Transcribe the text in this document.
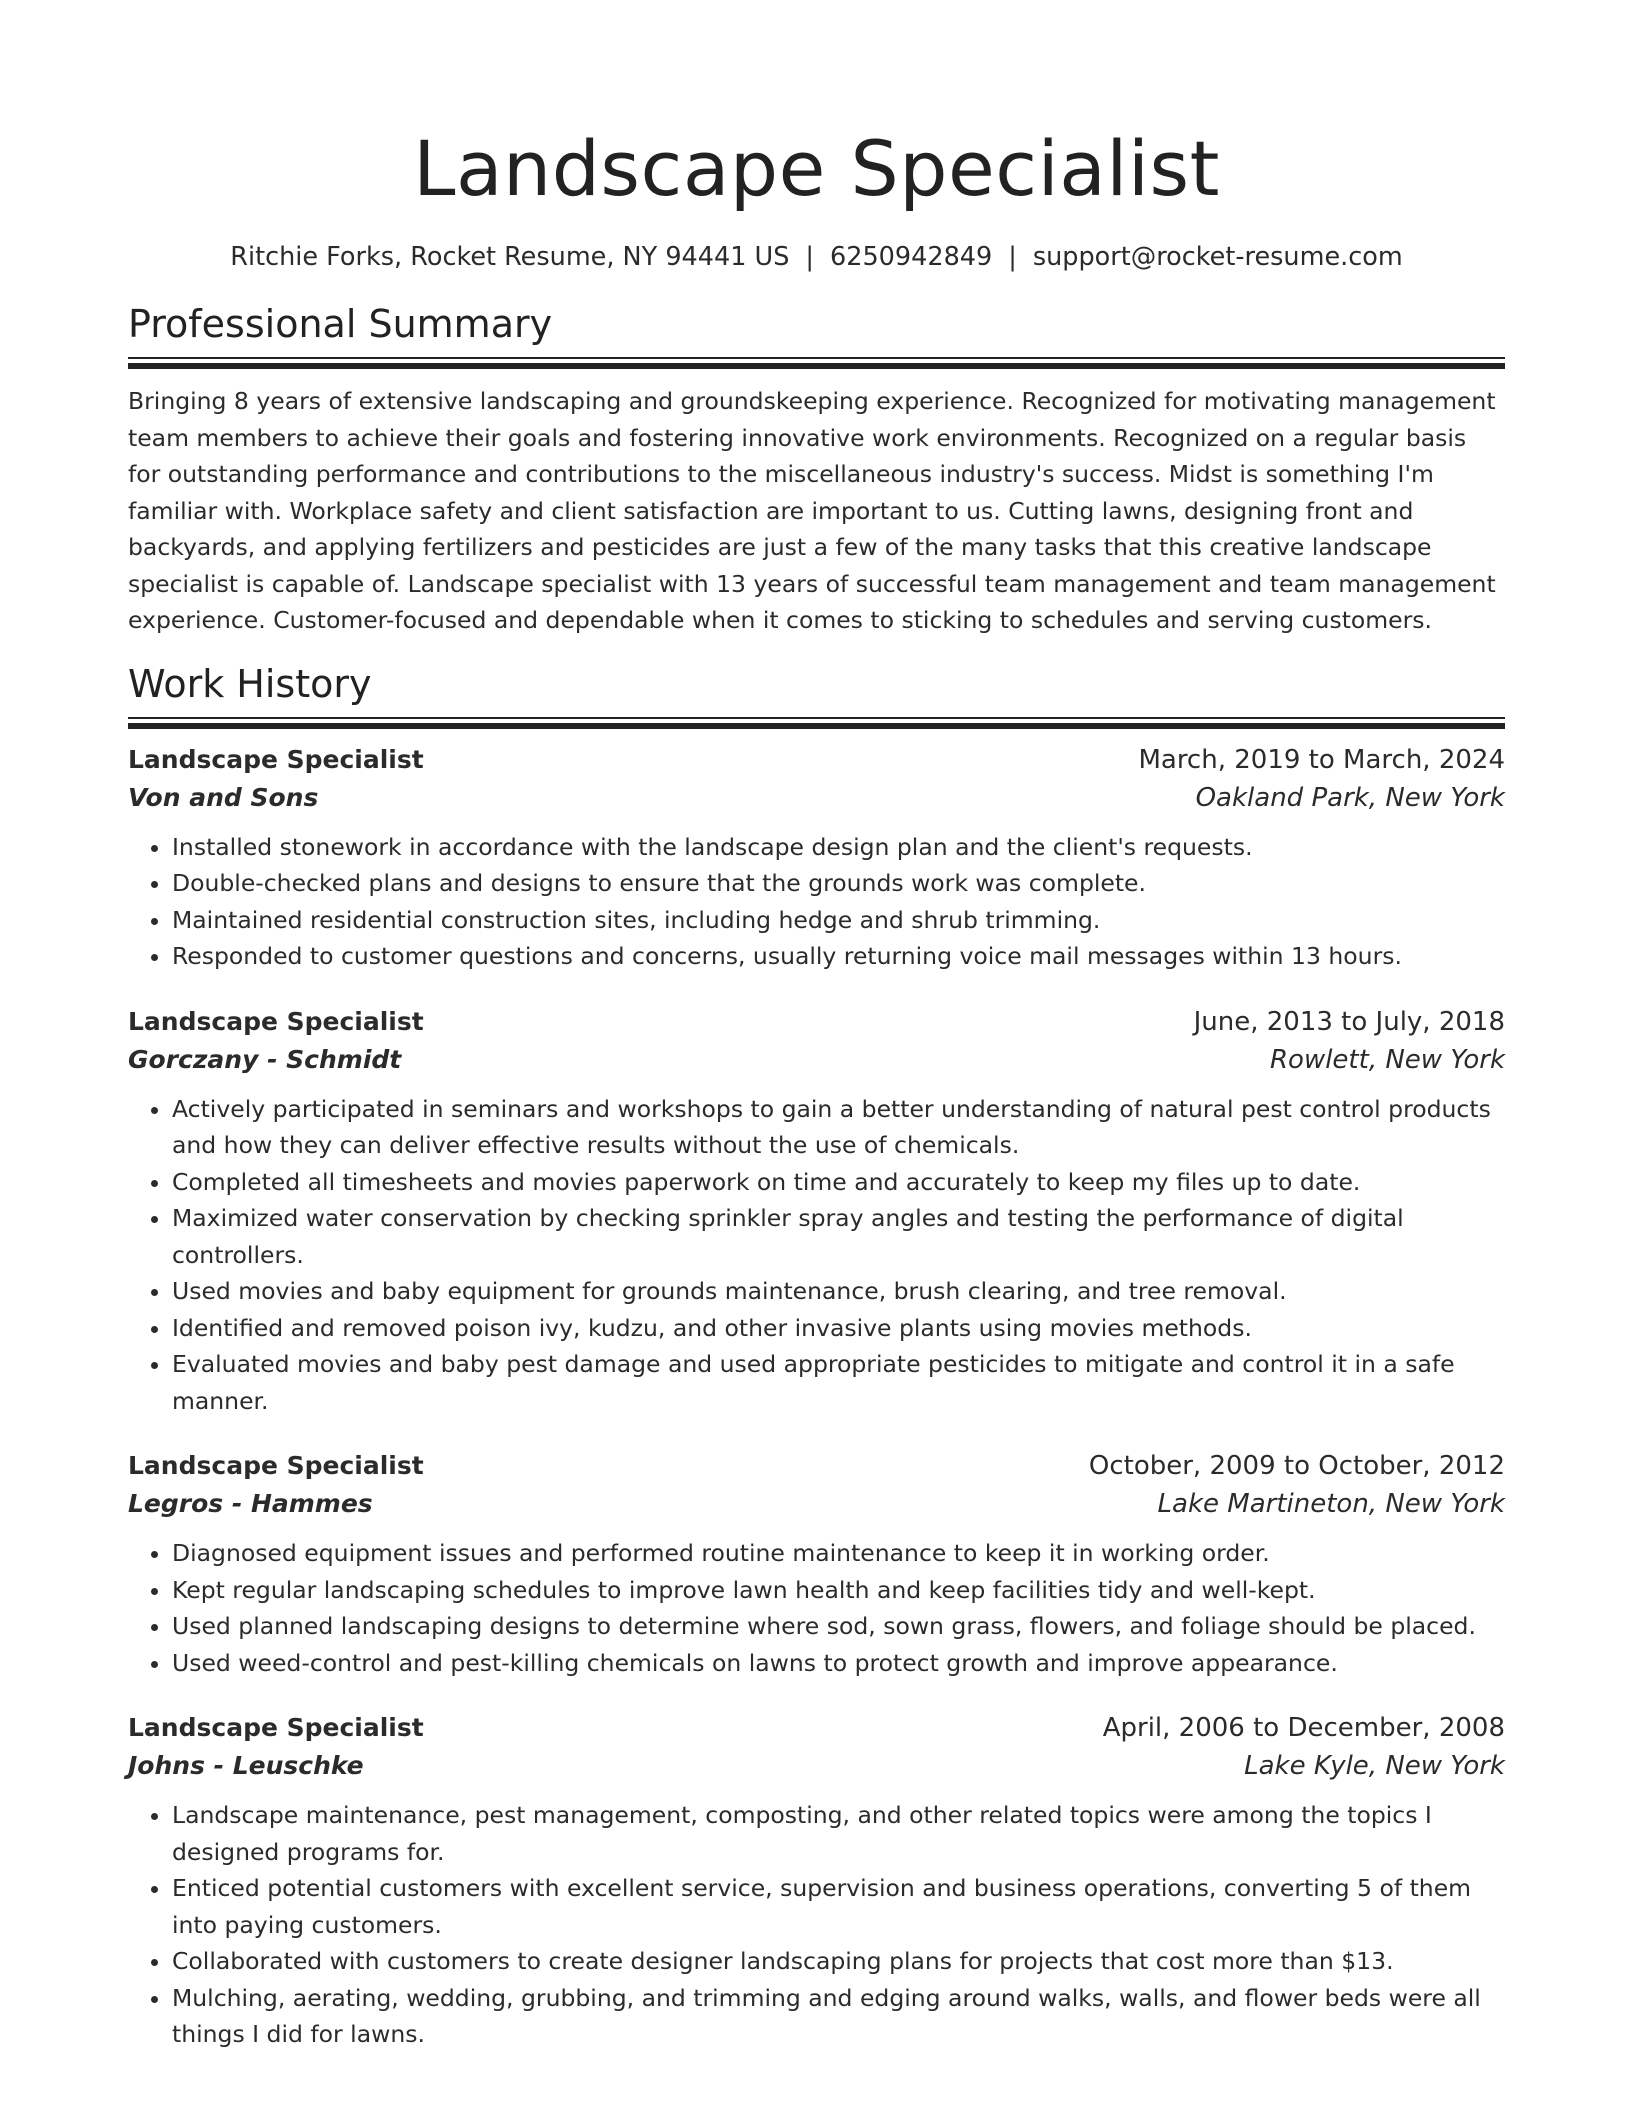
Landscape Specialist
Ritchie Forks, Rocket Resume, NY 94441 US | 6250942849 | support@rocket-resume.com
Professional Summary
Bringing 8 years of extensive landscaping and groundskeeping experience. Recognized for motivating management team members to achieve their goals and fostering innovative work environments. Recognized on a regular basis for outstanding performance and contributions to the miscellaneous industry's success. Midst is something I'm familiar with. Workplace safety and client satisfaction are important to us. Cutting lawns, designing front and backyards, and applying fertilizers and pesticides are just a few of the many tasks that this creative landscape specialist is capable of. Landscape specialist with 13 years of successful team management and team management experience. Customer-focused and dependable when it comes to sticking to schedules and serving customers.
Work History
Landscape Specialist	March, 2019 to March, 2024
Von and Sons	Oakland Park, New York
• Installed stonework in accordance with the landscape design plan and the client's requests.
• Double-checked plans and designs to ensure that the grounds work was complete.
• Maintained residential construction sites, including hedge and shrub trimming.
• Responded to customer questions and concerns, usually returning voice mail messages within 13 hours.
Landscape Specialist	June, 2013 to July, 2018
Gorczany - Schmidt	Rowlett, New York
• Actively participated in seminars and workshops to gain a better understanding of natural pest control products and how they can deliver effective results without the use of chemicals.
• Completed all timesheets and movies paperwork on time and accurately to keep my files up to date.
• Maximized water conservation by checking sprinkler spray angles and testing the performance of digital controllers.
• Used movies and baby equipment for grounds maintenance, brush clearing, and tree removal.
• Identified and removed poison ivy, kudzu, and other invasive plants using movies methods.
• Evaluated movies and baby pest damage and used appropriate pesticides to mitigate and control it in a safe manner.
Landscape Specialist	October, 2009 to October, 2012
Legros - Hammes	Lake Martineton, New York
• Diagnosed equipment issues and performed routine maintenance to keep it in working order.
• Kept regular landscaping schedules to improve lawn health and keep facilities tidy and well-kept.
• Used planned landscaping designs to determine where sod, sown grass, flowers, and foliage should be placed.
• Used weed-control and pest-killing chemicals on lawns to protect growth and improve appearance.
Landscape Specialist	April, 2006 to December, 2008
Johns - Leuschke	Lake Kyle, New York
• Landscape maintenance, pest management, composting, and other related topics were among the topics I designed programs for.
• Enticed potential customers with excellent service, supervision and business operations, converting 5 of them into paying customers.
• Collaborated with customers to create designer landscaping plans for projects that cost more than $13.
• Mulching, aerating, wedding, grubbing, and trimming and edging around walks, walls, and flower beds were all things I did for lawns.
